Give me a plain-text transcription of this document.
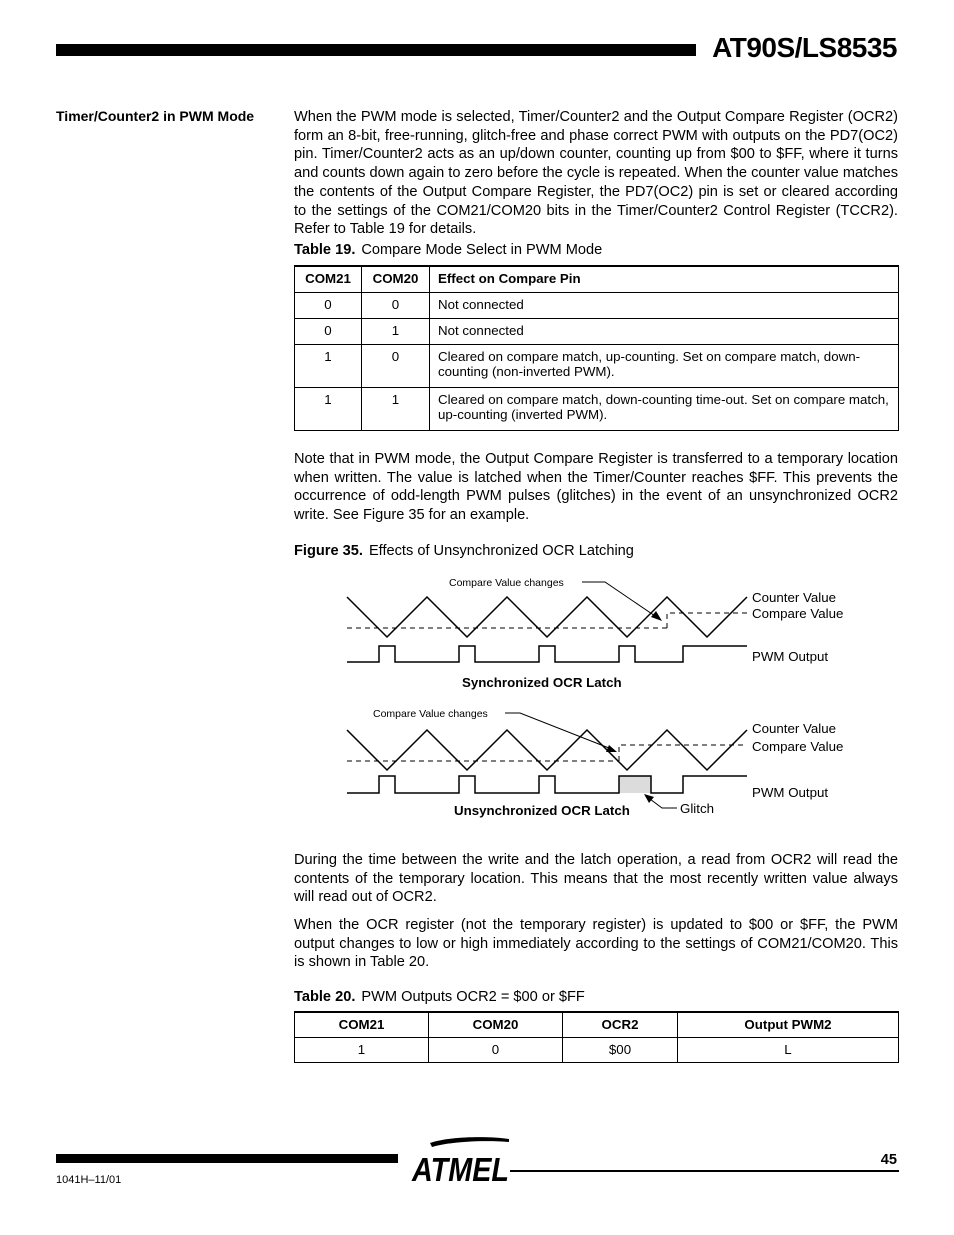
AT90S/LS8535
Timer/Counter2 in PWM Mode	When the PWM mode is selected, Timer/Counter2 and the Output Compare Register (OCR2) form an 8-bit, free-running, glitch-free and phase correct PWM with outputs on the PD7(OC2) pin. Timer/Counter2 acts as an up/down counter, counting up from $00 to $FF, where it turns and counts down again to zero before the cycle is repeated. When the counter value matches the contents of the Output Compare Register, the PD7(OC2) pin is set or cleared according to the settings of the COM21/COM20 bits in the Timer/Counter2 Control Register (TCCR2). Refer to Table 19 for details.
Table 19. Compare Mode Select in PWM Mode
COM21	COM20	Effect on Compare Pin
0	0	Not connected
0	1	Not connected
1	0	Cleared on compare match, up-counting. Set on compare match, down-counting (non-inverted PWM).
1	1	Cleared on compare match, down-counting time-out. Set on compare match, up-counting (inverted PWM).
Note that in PWM mode, the Output Compare Register is transferred to a temporary location when written. The value is latched when the Timer/Counter reaches $FF. This prevents the occurrence of odd-length PWM pulses (glitches) in the event of an unsynchronized OCR2 write. See Figure 35 for an example.
Figure 35. Effects of Unsynchronized OCR Latching
Compare Value changes
Counter Value
Compare Value
PWM Output
Synchronized OCR Latch
Compare Value changes
Counter Value
Compare Value
PWM Output
Unsynchronized OCR Latch	Glitch
ATMEL
During the time between the write and the latch operation, a read from OCR2 will read the contents of the temporary location. This means that the most recently written value always will read out of OCR2.
When the OCR register (not the temporary register) is updated to $00 or $FF, the PWM output changes to low or high immediately according to the settings of COM21/COM20. This is shown in Table 20.
Table 20. PWM Outputs OCR2 = $00 or $FF
COM21	COM20	OCR2	Output PWM2
1	0	$00	L
1041H–11/01
45
